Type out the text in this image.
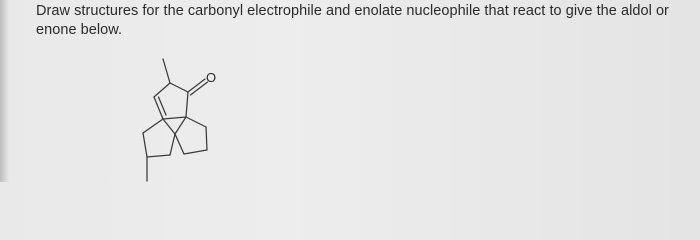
Draw structures for the carbonyl electrophile and enolate nucleophile that react to give the aldol or enone below.

O
